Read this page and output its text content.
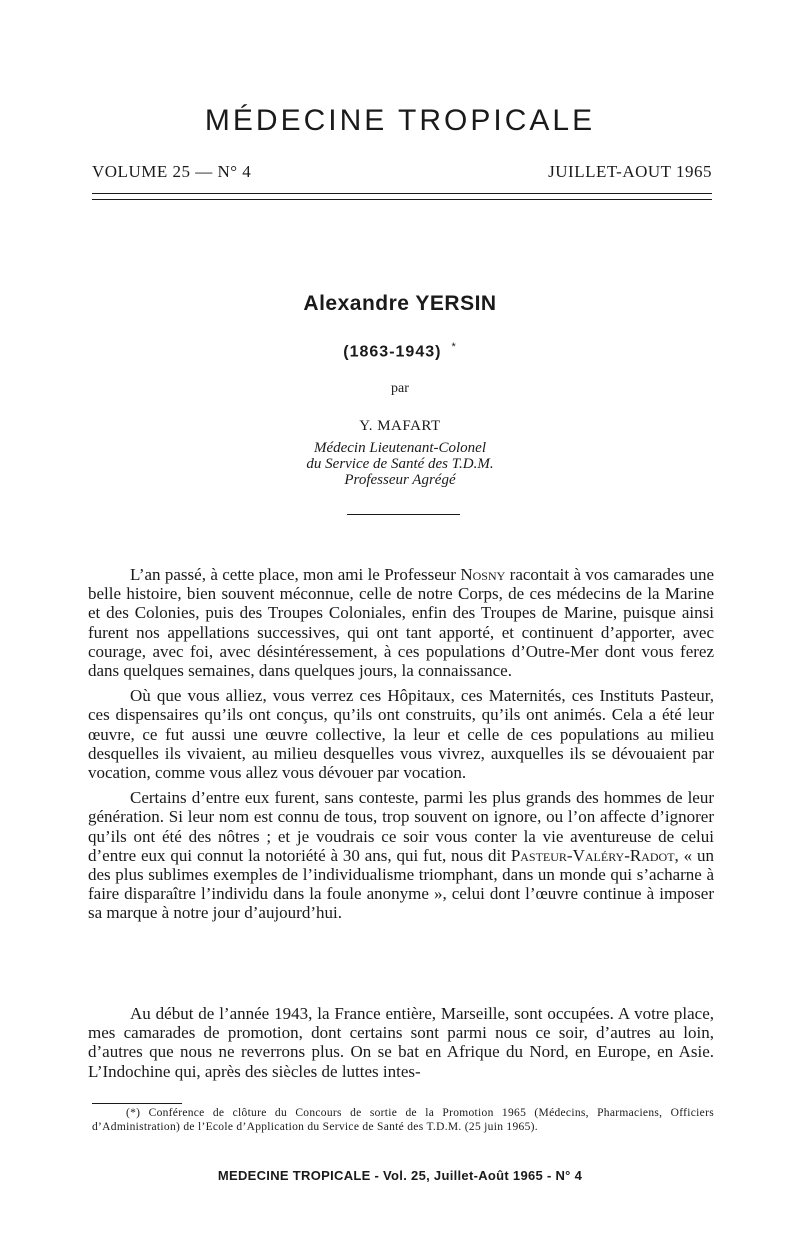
MÉDECINE TROPICALE
VOLUME 25 — N° 4	JUILLET-AOUT 1965
Alexandre YERSIN
(1863-1943) *
par
Y. MAFART
Médecin Lieutenant-Colonel
du Service de Santé des T.D.M.
Professeur Agrégé

L’an passé, à cette place, mon ami le Professeur Nosny racontait à vos camarades une belle histoire, bien souvent méconnue, celle de notre Corps, de ces médecins de la Marine et des Colonies, puis des Troupes Coloniales, enfin des Troupes de Marine, puisque ainsi furent nos appellations successives, qui ont tant apporté, et continuent d’apporter, avec courage, avec foi, avec désintéressement, à ces populations d’Outre-Mer dont vous ferez dans quelques semaines, dans quelques jours, la connaissance.

Où que vous alliez, vous verrez ces Hôpitaux, ces Maternités, ces Instituts Pasteur, ces dispensaires qu’ils ont conçus, qu’ils ont construits, qu’ils ont animés. Cela a été leur œuvre, ce fut aussi une œuvre collective, la leur et celle de ces populations au milieu desquelles ils vivaient, au milieu desquelles vous vivrez, auxquelles ils se dévouaient par vocation, comme vous allez vous dévouer par vocation.

Certains d’entre eux furent, sans conteste, parmi les plus grands des hommes de leur génération. Si leur nom est connu de tous, trop souvent on ignore, ou l’on affecte d’ignorer qu’ils ont été des nôtres ; et je voudrais ce soir vous conter la vie aventureuse de celui d’entre eux qui connut la notoriété à 30 ans, qui fut, nous dit Pasteur-Valéry-Radot, « un des plus sublimes exemples de l’individualisme triomphant, dans un monde qui s’acharne à faire disparaître l’individu dans la foule anonyme », celui dont l’œuvre continue à imposer sa marque à notre jour d’aujourd’hui.

Au début de l’année 1943, la France entière, Marseille, sont occupées. A votre place, mes camarades de promotion, dont certains sont parmi nous ce soir, d’autres au loin, d’autres que nous ne reverrons plus. On se bat en Afrique du Nord, en Europe, en Asie. L’Indochine qui, après des siècles de luttes intes-

(*) Conférence de clôture du Concours de sortie de la Promotion 1965 (Médecins, Pharmaciens, Officiers d’Administration) de l’Ecole d’Application du Service de Santé des T.D.M. (25 juin 1965).

MEDECINE TROPICALE - Vol. 25, Juillet-Août 1965 - N° 4
